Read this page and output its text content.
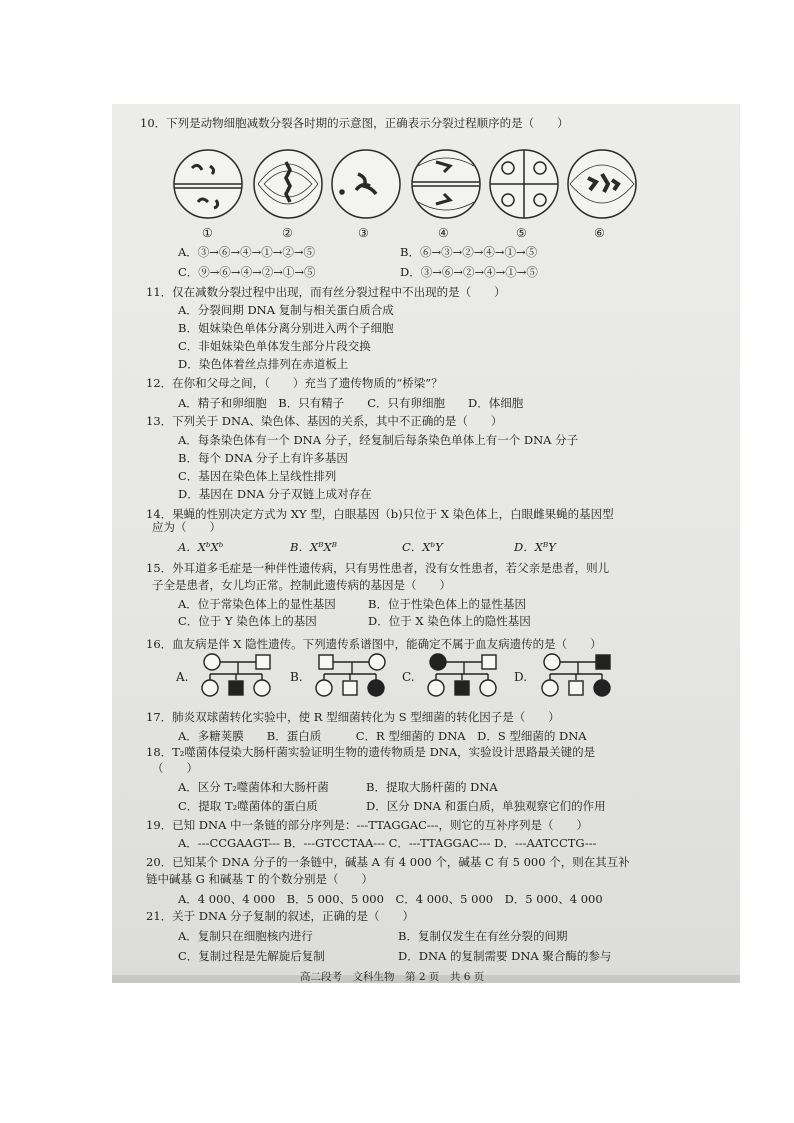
10．下列是动物细胞减数分裂各时期的示意图，正确表示分裂过程顺序的是（　　）
①	②	③	④	⑤	⑥
A．③→⑥→④→①→②→⑤	B．⑥→③→②→④→①→⑤
C．⑨→⑥→④→②→①→⑤	D．③→⑥→②→④→①→⑤
11．仅在减数分裂过程中出现，而有丝分裂过程中不出现的是（　　）
A．分裂间期 DNA 复制与相关蛋白质合成
B．姐妹染色单体分离分别进入两个子细胞
C．非姐妹染色单体发生部分片段交换
D．染色体着丝点排列在赤道板上
12．在你和父母之间，（　　）充当了遗传物质的“桥梁”？
A．精子和卵细胞　B．只有精子　　C．只有卵细胞　　D．体细胞
13．下列关于 DNA、染色体、基因的关系，其中不正确的是（　　）
A．每条染色体有一个 DNA 分子，经复制后每条染色单体上有一个 DNA 分子
B．每个 DNA 分子上有许多基因
C．基因在染色体上呈线性排列
D．基因在 DNA 分子双链上成对存在
14．果蝇的性别决定方式为 XY 型，白眼基因（b)只位于 X 染色体上，白眼雌果蝇的基因型
应为（　　）
A．XᵇXᵇ	B．XᴮXᴮ	C．XᵇY	D．XᴮY
15．外耳道多毛症是一种伴性遗传病，只有男性患者，没有女性患者，若父亲是患者，则儿
子全是患者，女儿均正常。控制此遗传病的基因是（　　）
A．位于常染色体上的显性基因	B．位于性染色体上的显性基因
C．位于 Y 染色体上的基因	D．位于 X 染色体上的隐性基因
16．血友病是伴 X 隐性遗传。下列遗传系谱图中，能确定不属于血友病遗传的是（　　）
A.	B.	C.	D.
17．肺炎双球菌转化实验中，使 R 型细菌转化为 S 型细菌的转化因子是（　　）
A．多糖荚膜　　B．蛋白质　　　C．R 型细菌的 DNA　D．S 型细菌的 DNA
18．T₂噬菌体侵染大肠杆菌实验证明生物的遗传物质是 DNA，实验设计思路最关键的是
（　　）
A．区分 T₂噬菌体和大肠杆菌	B．提取大肠杆菌的 DNA
C．提取 T₂噬菌体的蛋白质	D．区分 DNA 和蛋白质，单独观察它们的作用
19．已知 DNA 中一条链的部分序列是：---TTAGGAC---，则它的互补序列是（　　）
A．---CCGAAGT--- B．---GTCCTAA--- C．---TTAGGAC--- D．---AATCCTG---
20．已知某个 DNA 分子的一条链中，碱基 A 有 4 000 个，碱基 C 有 5 000 个，则在其互补
链中碱基 G 和碱基 T 的个数分别是（　　）
A．4 000、4 000　B．5 000、5 000　C．4 000、5 000　D．5 000、4 000
21．关于 DNA 分子复制的叙述，正确的是（　　）
A．复制只在细胞核内进行	B．复制仅发生在有丝分裂的间期
C．复制过程是先解旋后复制	D．DNA 的复制需要 DNA 聚合酶的参与
高二段考　文科生物　第 2 页　共 6 页
